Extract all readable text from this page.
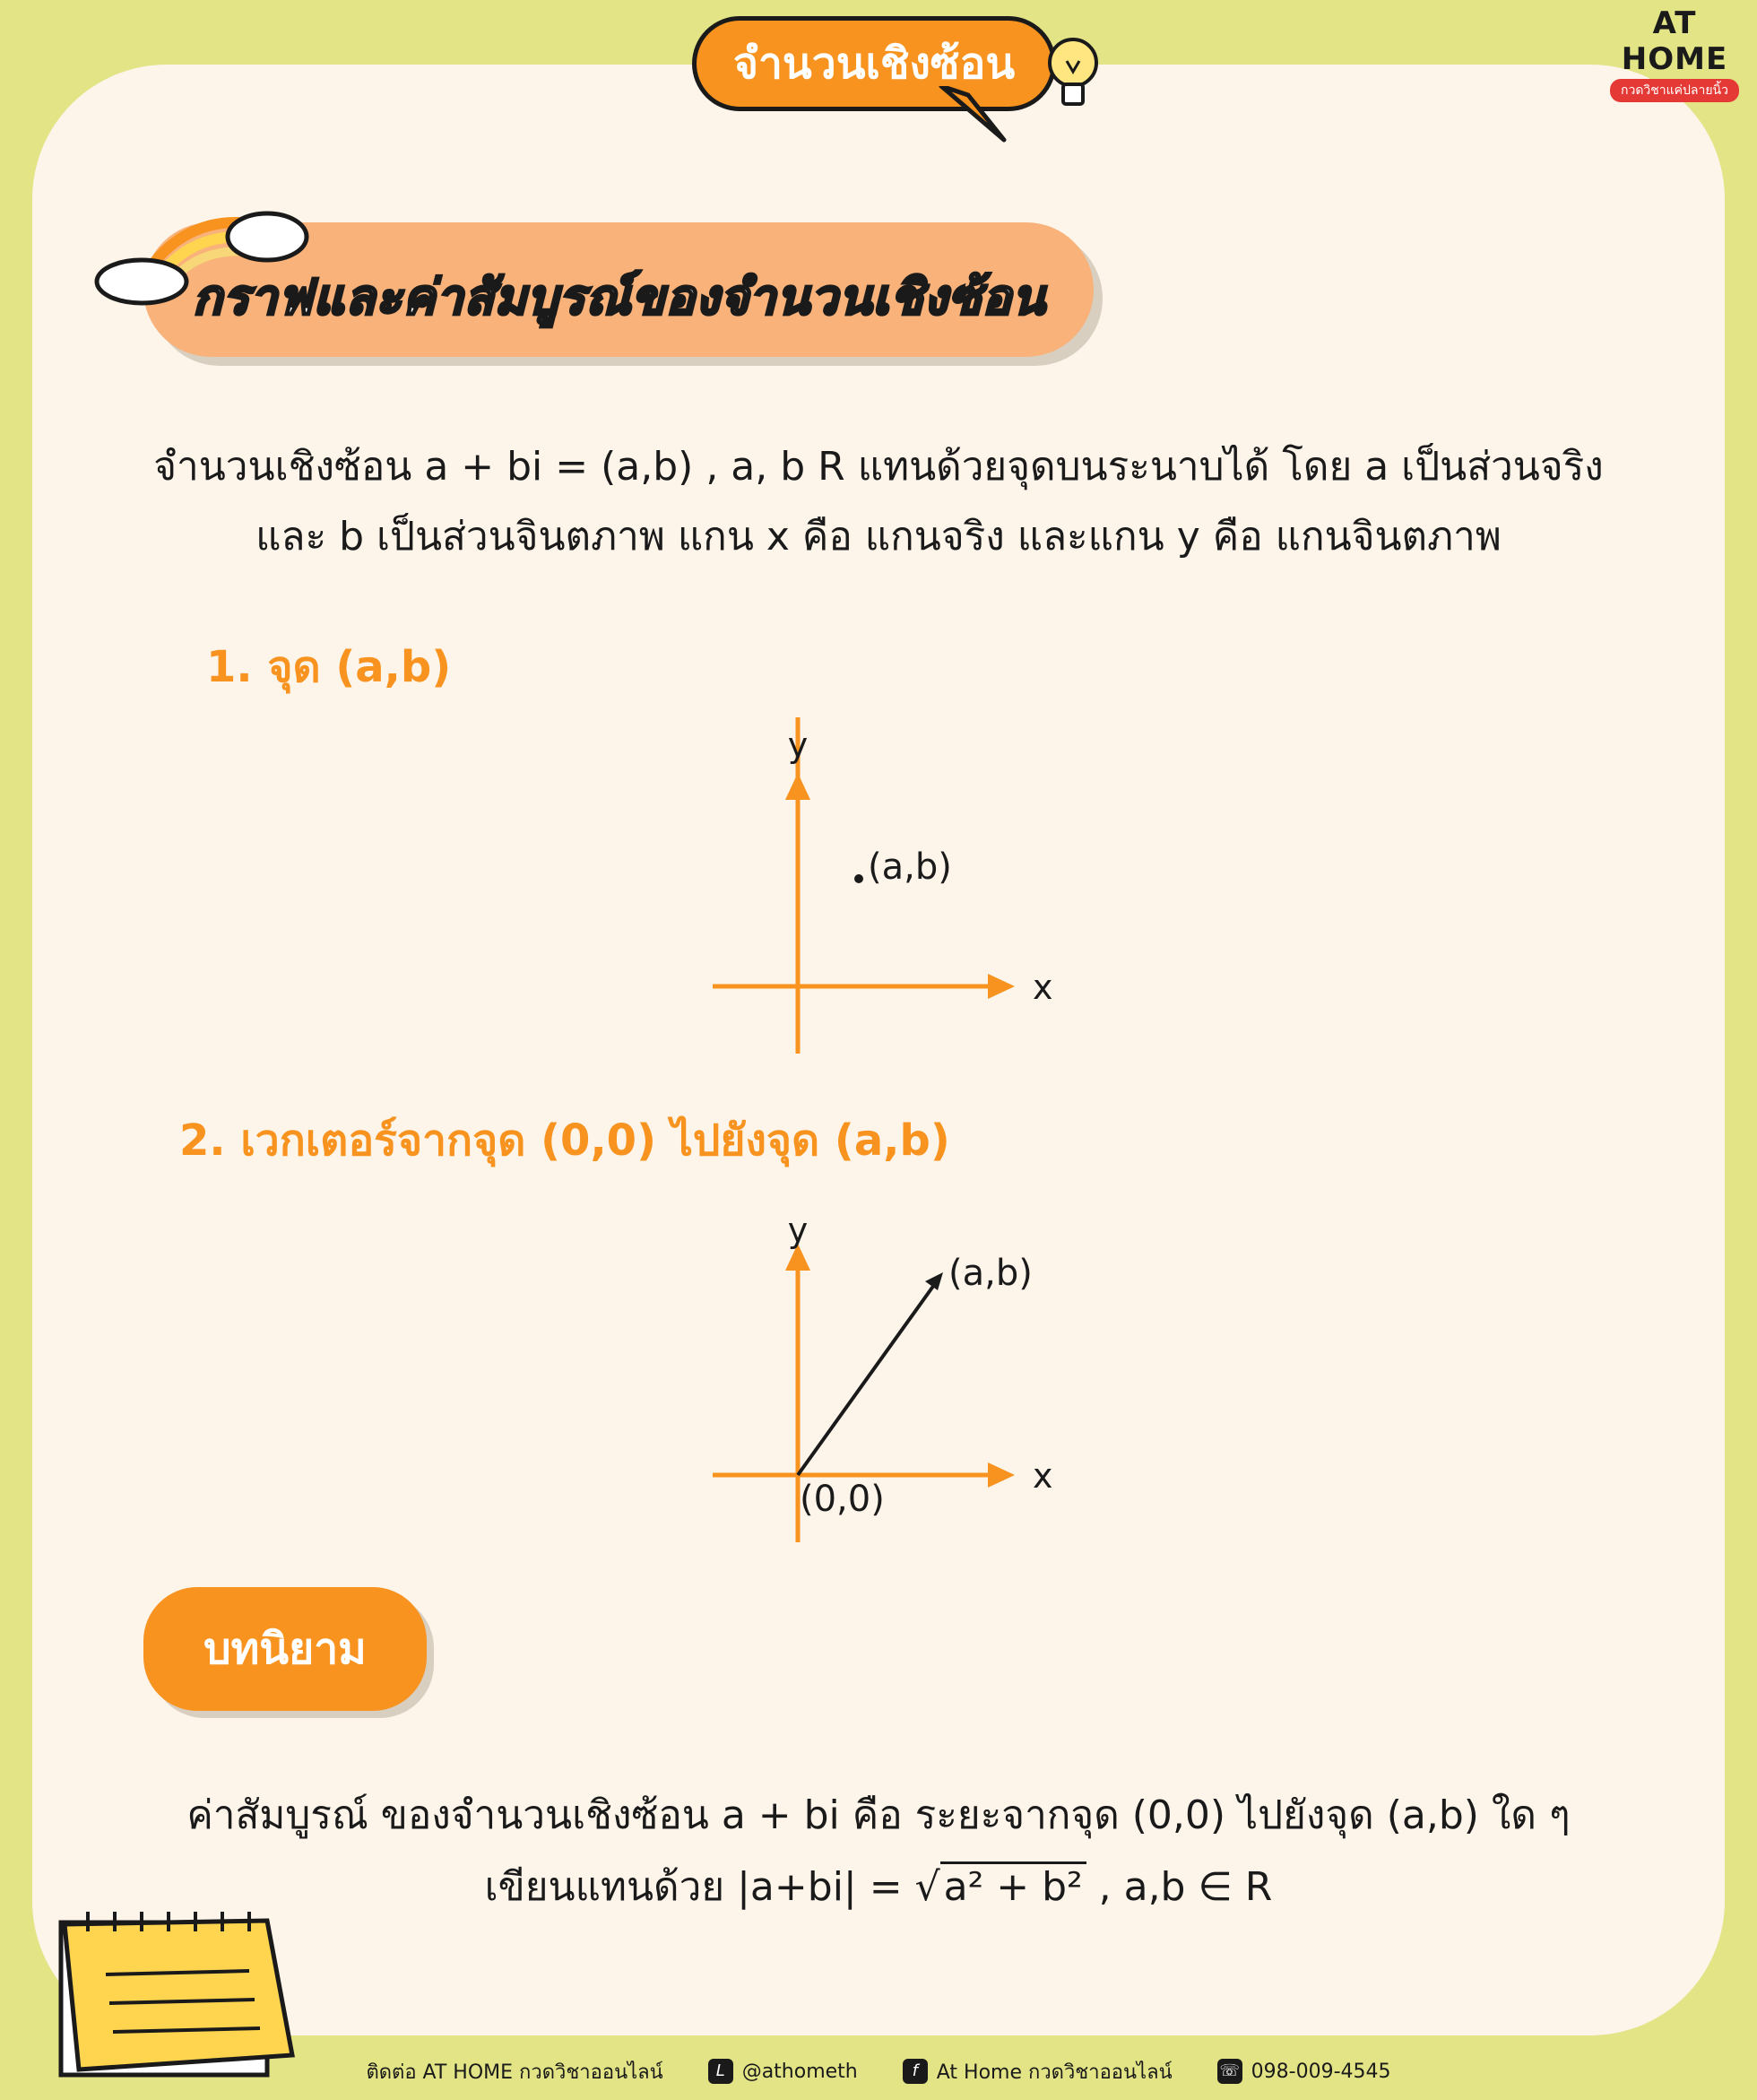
จำนวนเชิงซ้อน
AT HOME
กวดวิชาแค่ปลายนิ้ว
กราฟและค่าสัมบูรณ์ของจำนวนเชิงซ้อน
จำนวนเชิงซ้อน a + bi = (a,b) , a, b R แทนด้วยจุดบนระนาบได้ โดย a เป็นส่วนจริง
และ b เป็นส่วนจินตภาพ แกน x คือ แกนจริง และแกน y คือ แกนจินตภาพ
1. จุด (a,b)
y
x
(a,b)
2. เวกเตอร์จากจุด (0,0) ไปยังจุด (a,b)
y
x
(a,b)
(0,0)
บทนิยาม
ค่าสัมบูรณ์ ของจำนวนเชิงซ้อน a + bi คือ ระยะจากจุด (0,0) ไปยังจุด (a,b) ใด ๆ
เขียนแทนด้วย |a+bi| = √a² + b² , a,b ∈ R
ติดต่อ AT HOME กวดวิชาออนไลน์	L @athometh	f At Home กวดวิชาออนไลน์	☏ 098-009-4545
